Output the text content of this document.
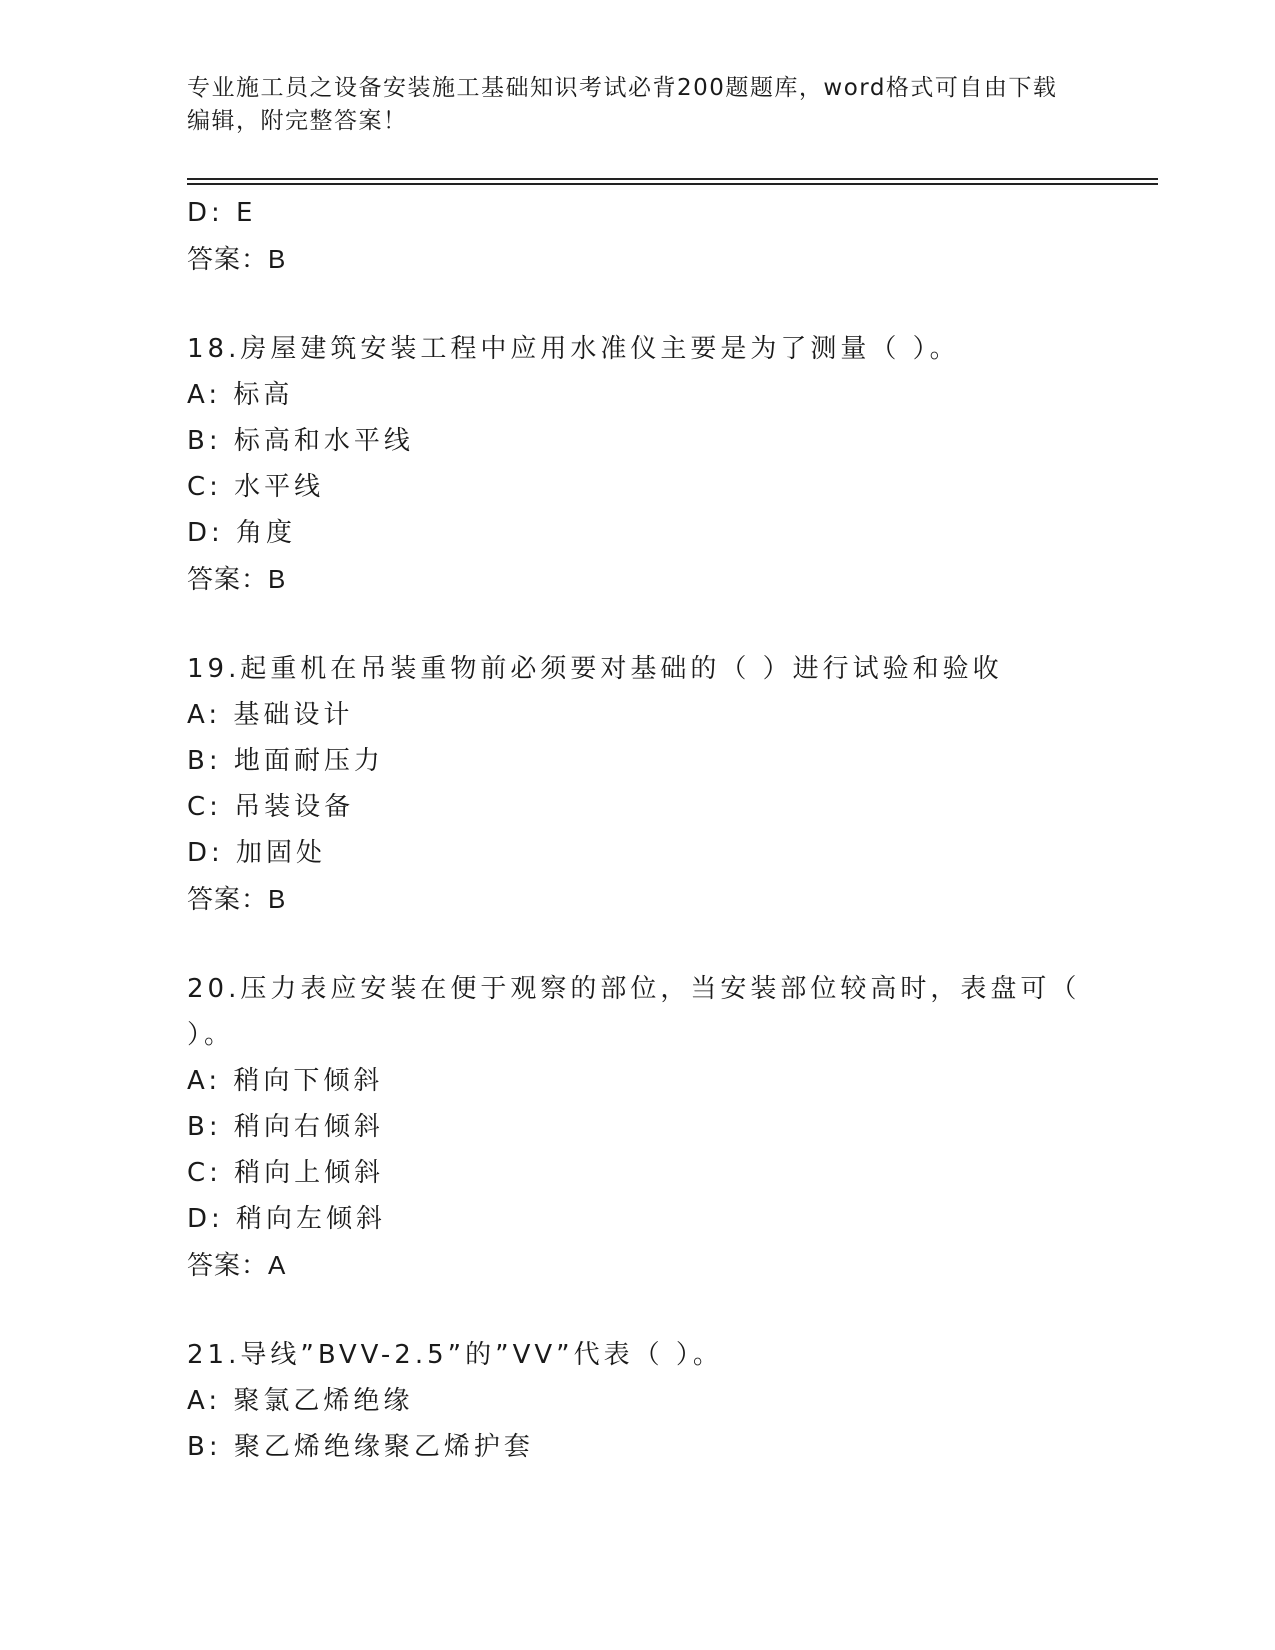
专业施工员之设备安装施工基础知识考试必背200题题库，word格式可自由下载
编辑，附完整答案！
D: E
答案：B
18.房屋建筑安装工程中应用水准仪主要是为了测量（ ）。
A: 标高
B: 标高和水平线
C: 水平线
D: 角度
答案：B
19.起重机在吊装重物前必须要对基础的（ ）进行试验和验收
A: 基础设计
B: 地面耐压力
C: 吊装设备
D: 加固处
答案：B
20.压力表应安装在便于观察的部位，当安装部位较高时，表盘可（
）。
A: 稍向下倾斜
B: 稍向右倾斜
C: 稍向上倾斜
D: 稍向左倾斜
答案：A
21.导线”BVV-2.5”的”VV”代表（ ）。
A: 聚氯乙烯绝缘
B: 聚乙烯绝缘聚乙烯护套
